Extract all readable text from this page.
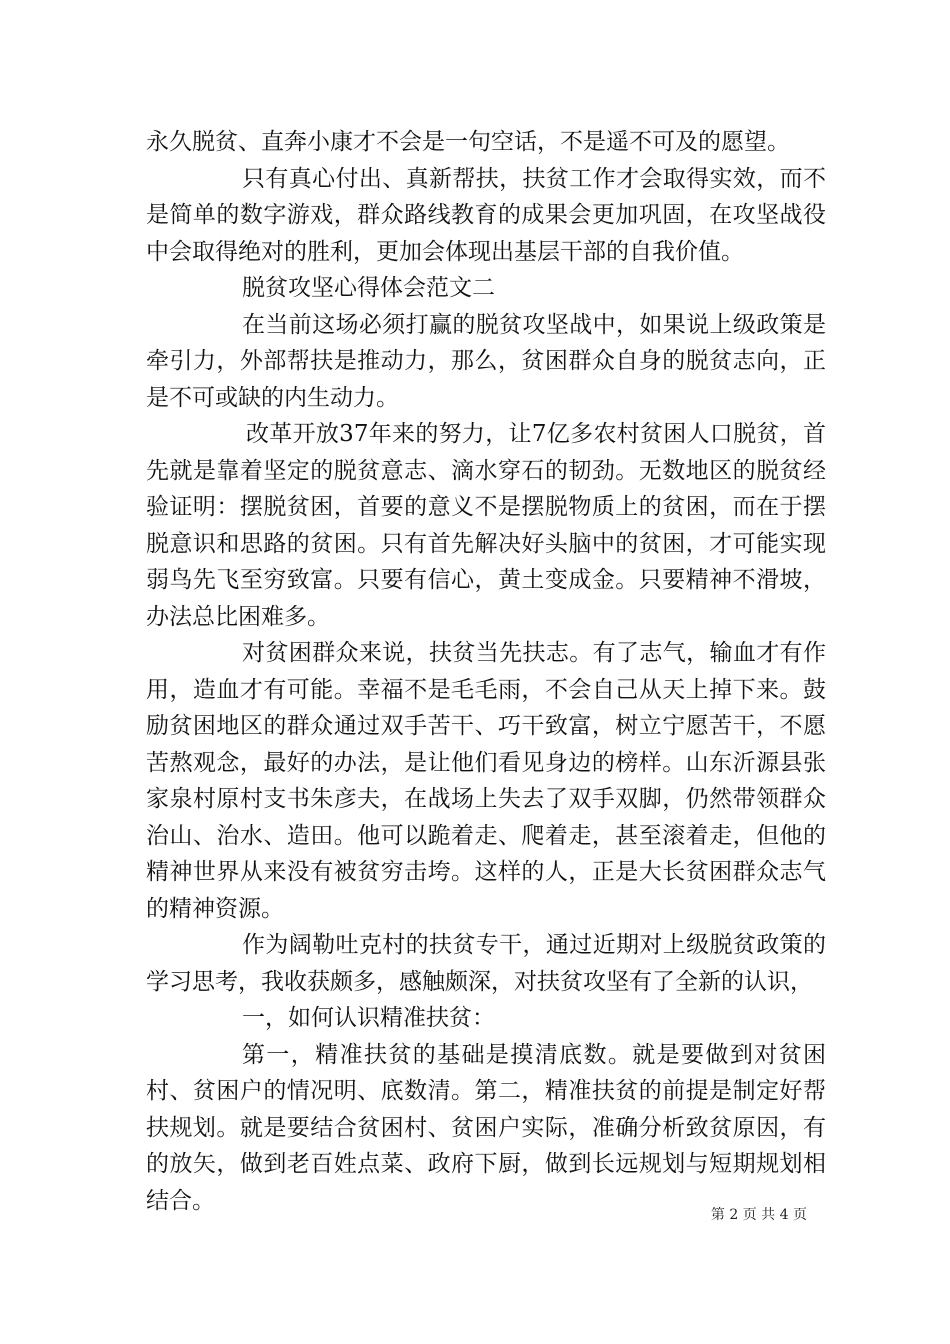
永久脱贫、直奔小康才不会是一句空话，不是遥不可及的愿望。

只有真心付出、真新帮扶，扶贫工作才会取得实效，而不是简单的数字游戏，群众路线教育的成果会更加巩固，在攻坚战役中会取得绝对的胜利，更加会体现出基层干部的自我价值。

脱贫攻坚心得体会范文二

在当前这场必须打赢的脱贫攻坚战中，如果说上级政策是牵引力，外部帮扶是推动力，那么，贫困群众自身的脱贫志向，正是不可或缺的内生动力。

改革开放37年来的努力，让7亿多农村贫困人口脱贫，首先就是靠着坚定的脱贫意志、滴水穿石的韧劲。无数地区的脱贫经验证明：摆脱贫困，首要的意义不是摆脱物质上的贫困，而在于摆脱意识和思路的贫困。只有首先解决好头脑中的贫困，才可能实现弱鸟先飞至穷致富。只要有信心，黄土变成金。只要精神不滑坡，办法总比困难多。

对贫困群众来说，扶贫当先扶志。有了志气，输血才有作用，造血才有可能。幸福不是毛毛雨，不会自己从天上掉下来。鼓励贫困地区的群众通过双手苦干、巧干致富，树立宁愿苦干，不愿苦熬观念，最好的办法，是让他们看见身边的榜样。山东沂源县张家泉村原村支书朱彦夫，在战场上失去了双手双脚，仍然带领群众治山、治水、造田。他可以跪着走、爬着走，甚至滚着走，但他的精神世界从来没有被贫穷击垮。这样的人，正是大长贫困群众志气的精神资源。

作为阔勒吐克村的扶贫专干，通过近期对上级脱贫政策的学习思考，我收获颇多，感触颇深，对扶贫攻坚有了全新的认识，

一，如何认识精准扶贫：

第一，精准扶贫的基础是摸清底数。就是要做到对贫困村、贫困户的情况明、底数清。第二，精准扶贫的前提是制定好帮扶规划。就是要结合贫困村、贫困户实际，准确分析致贫原因，有的放矢，做到老百姓点菜、政府下厨，做到长远规划与短期规划相结合。

第 2 页 共 4 页
